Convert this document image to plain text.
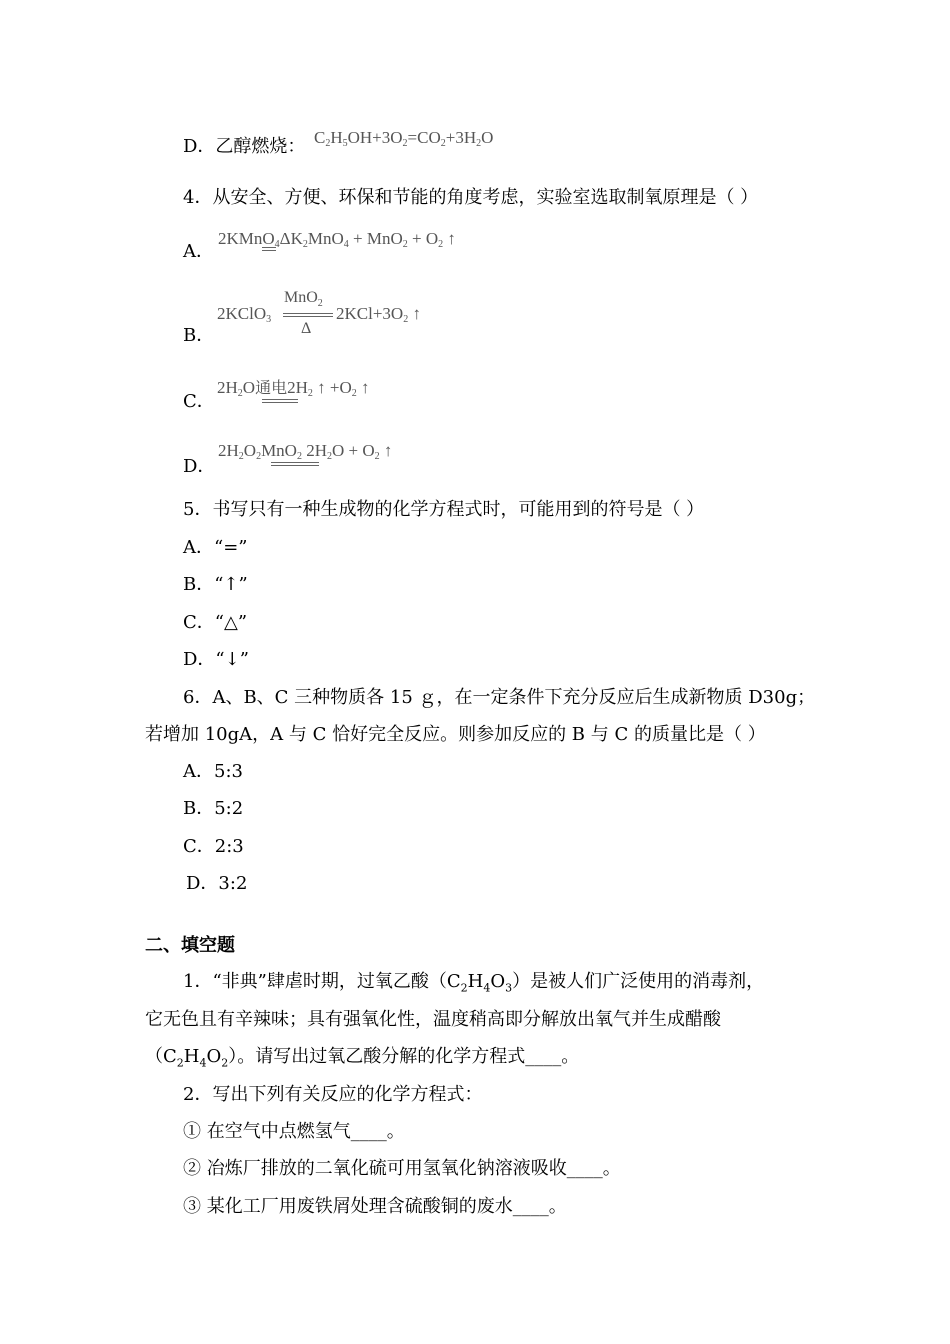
D．乙醇燃烧： $C_2H_5OH+3O_2=CO_2+3H_2O$
4．从安全、方便、环保和节能的角度考虑，实验室选取制氧原理是（ ）
A．
$2KMnO_4\Delta K_2MnO_4 + MnO_2 + O_2$ ↑
B．
2KClO$_3$
MnO$_2$
Δ
$2KCl+3O_2$ ↑
C．
$2H_2O$通电$2H_2$ ↑ $+O_2$ ↑
D．
$2H_2O_2MnO_2$ $2H_2O + O_2$ ↑
5．书写只有一种生成物的化学方程式时，可能用到的符号是（ ）
A．“=”
B．“↑”
C．“△”
D．“↓”
6．A、B、C 三种物质各 15 ｇ，在一定条件下充分反应后生成新物质 D30g；
若增加 10gA，A 与 C 恰好完全反应。则参加反应的 B 与 C 的质量比是（ ）
A．5:3
B．5:2
C．2:3
D．3:2
二、填空题
1．“非典”肆虐时期，过氧乙酸$(C_2H_4O_3)$是被人们广泛使用的消毒剂，
它无色且有辛辣味；具有强氧化性，温度稍高即分解放出氧气并生成醋酸
$(C_2H_4O_2)$。请写出过氧乙酸分解的化学方程式____。
2．写出下列有关反应的化学方程式：
① 在空气中点燃氢气____。
② 冶炼厂排放的二氧化硫可用氢氧化钠溶液吸收____。
③ 某化工厂用废铁屑处理含硫酸铜的废水____。
